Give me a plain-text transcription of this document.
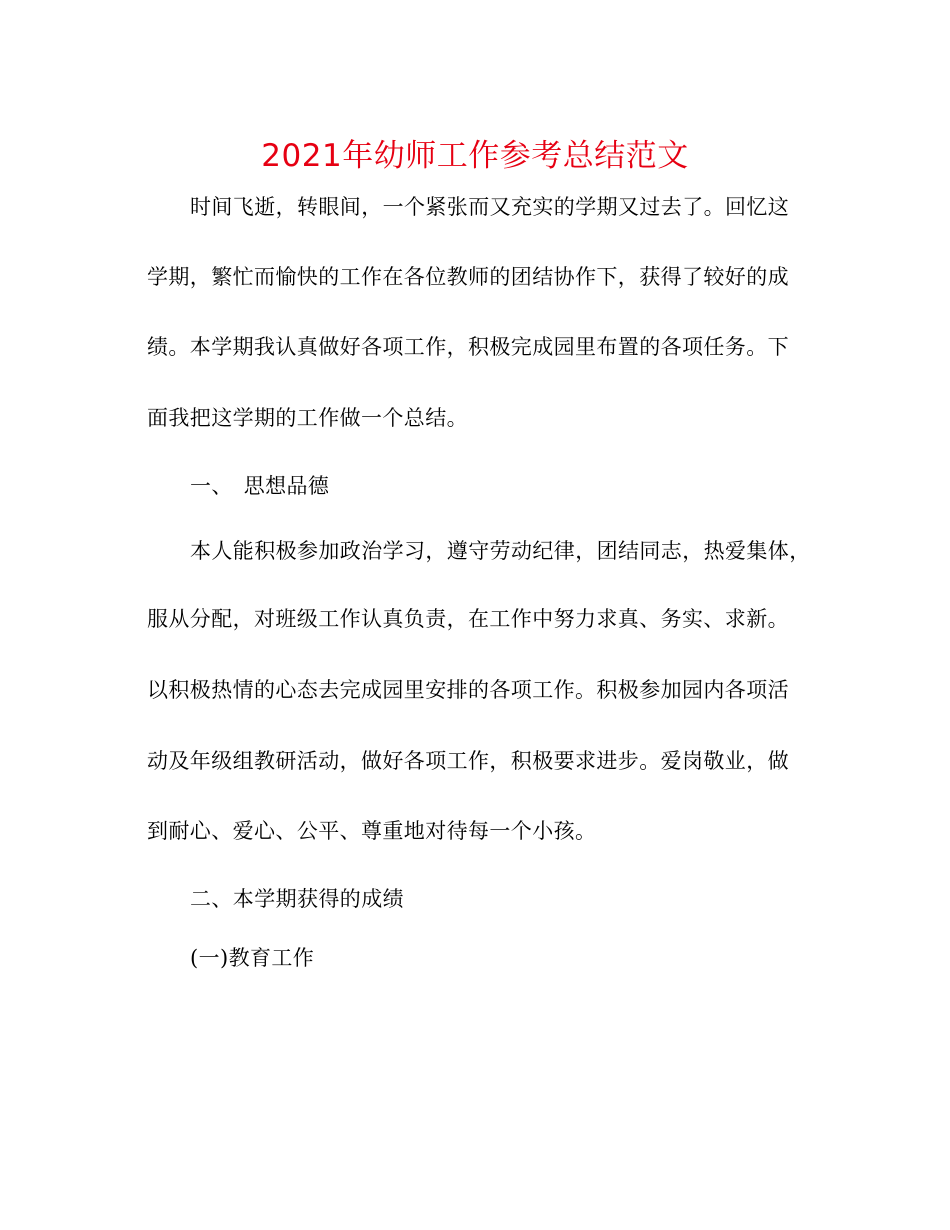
2021年幼师工作参考总结范文
时间飞逝，转眼间，一个紧张而又充实的学期又过去了。回忆这
学期，繁忙而愉快的工作在各位教师的团结协作下，获得了较好的成
绩。本学期我认真做好各项工作，积极完成园里布置的各项任务。下
面我把这学期的工作做一个总结。
一、　思想品德
本人能积极参加政治学习，遵守劳动纪律，团结同志，热爱集体，
服从分配，对班级工作认真负责，在工作中努力求真、务实、求新。
以积极热情的心态去完成园里安排的各项工作。积极参加园内各项活
动及年级组教研活动，做好各项工作，积极要求进步。爱岗敬业，做
到耐心、爱心、公平、尊重地对待每一个小孩。
二、本学期获得的成绩
(一)教育工作
